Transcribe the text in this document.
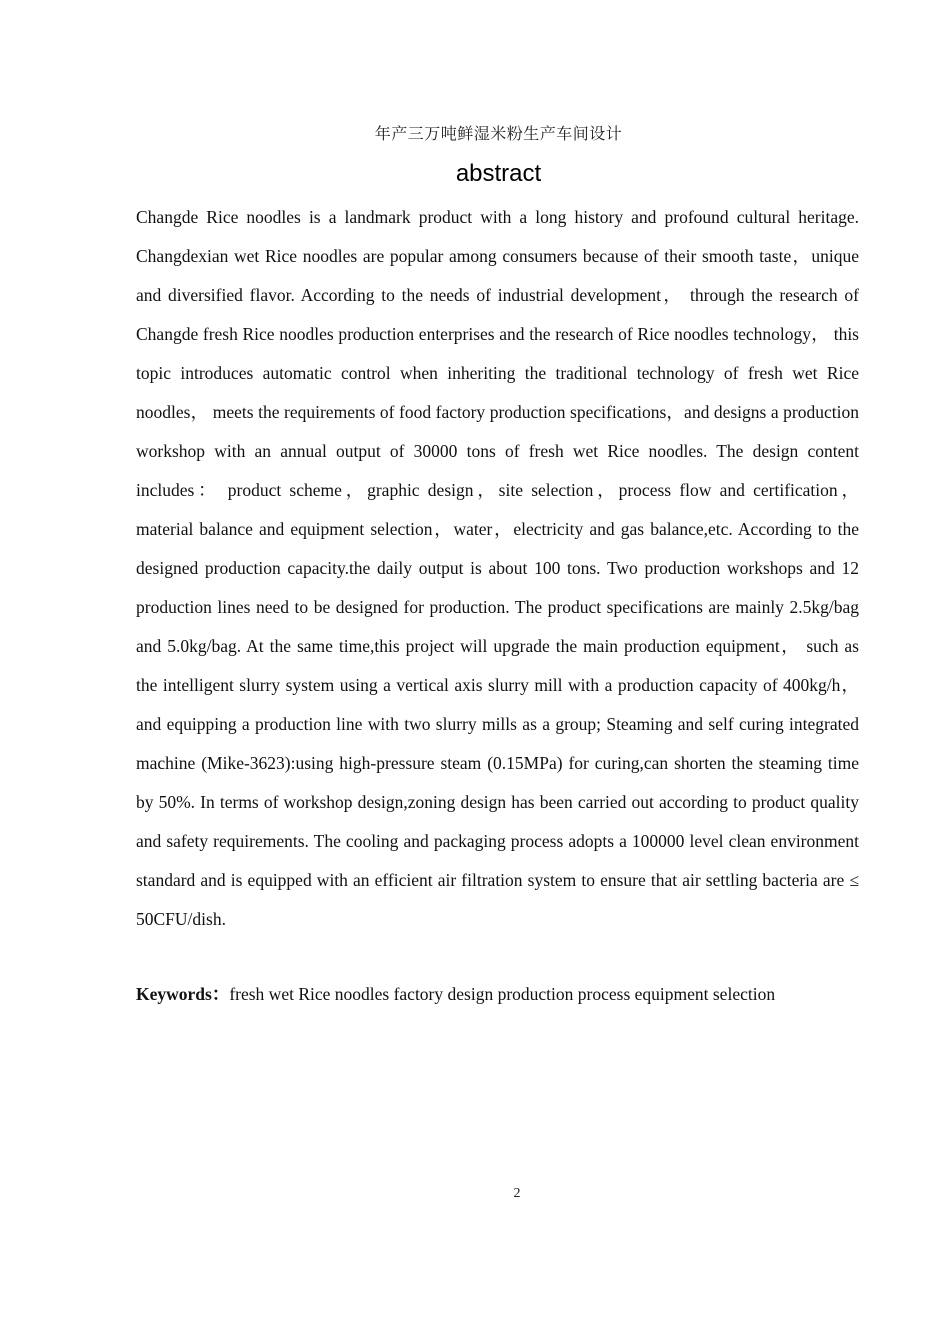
年产三万吨鲜湿米粉生产车间设计
abstract

Changde Rice noodles is a landmark product with a long history and profound cultural heritage. Changdexian wet Rice noodles are popular among consumers because of their smooth taste，unique and diversified flavor. According to the needs of industrial development， through the research of Changde fresh Rice noodles production enterprises and the research of Rice noodles technology， this topic introduces automatic control when inheriting the traditional technology of fresh wet Rice noodles， meets the requirements of food factory production specifications，and designs a production workshop with an annual output of 30000 tons of fresh wet Rice noodles. The design content includes： product scheme，graphic design，site selection，process flow and certification， material balance and equipment selection，water，electricity and gas balance,etc. According to the designed production capacity.the daily output is about 100 tons. Two production workshops and 12 production lines need to be designed for production. The product specifications are mainly 2.5kg/bag and 5.0kg/bag. At the same time,this project will upgrade the main production equipment， such as the intelligent slurry system using a vertical axis slurry mill with a production capacity of 400kg/h， and equipping a production line with two slurry mills as a group; Steaming and self curing integrated machine (Mike-3623):using high-pressure steam (0.15MPa) for curing,can shorten the steaming time by 50%. In terms of workshop design,zoning design has been carried out according to product quality and safety requirements. The cooling and packaging process adopts a 100000 level clean environment standard and is equipped with an efficient air filtration system to ensure that air settling bacteria are ≤ 50CFU/dish.

Keywords：fresh wet Rice noodles factory design production process equipment selection

2
